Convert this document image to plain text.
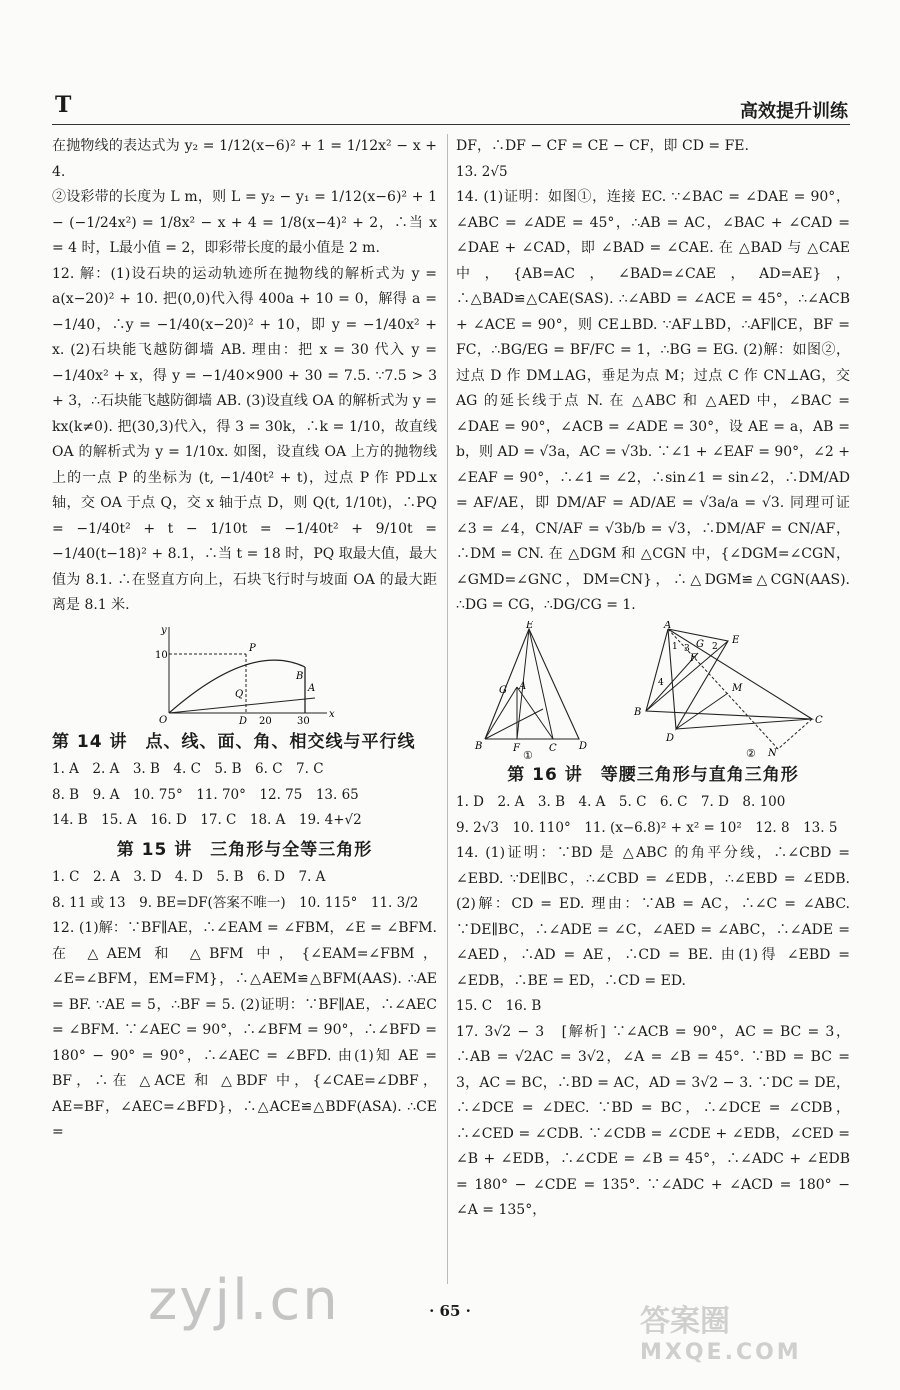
T	高效提升训练

在抛物线的表达式为 y₂ = 1/12(x−6)² + 1 = 1/12x² − x + 4.

②设彩带的长度为 L m，则 L = y₂ − y₁ = 1/12(x−6)² + 1 − (−1/24x²) = 1/8x² − x + 4 = 1/8(x−4)² + 2，∴当 x = 4 时，L最小值 = 2，即彩带长度的最小值是 2 m.

12. 解：(1)设石块的运动轨迹所在抛物线的解析式为 y = a(x−20)² + 10. 把(0,0)代入得 400a + 10 = 0，解得 a = −1/40，∴y = −1/40(x−20)² + 10，即 y = −1/40x² + x. (2)石块能飞越防御墙 AB. 理由：把 x = 30 代入 y = −1/40x² + x，得 y = −1/40×900 + 30 = 7.5. ∵7.5 > 3 + 3，∴石块能飞越防御墙 AB. (3)设直线 OA 的解析式为 y = kx(k≠0). 把(30,3)代入，得 3 = 30k，∴k = 1/10，故直线 OA 的解析式为 y = 1/10x. 如图，设直线 OA 上方的抛物线上的一点 P 的坐标为 (t, −1/40t² + t)，过点 P 作 PD⊥x 轴，交 OA 于点 Q，交 x 轴于点 D，则 Q(t, 1/10t)，∴PQ = −1/40t² + t − 1/10t = −1/40t² + 9/10t = −1/40(t−18)² + 8.1，∴当 t = 18 时，PQ 取最大值，最大值为 8.1. ∴在竖直方向上，石块飞行时与坡面 OA 的最大距离是 8.1 米.

y
x
O
P
Q
B
A
D
10
20	30
第 14 讲　点、线、面、角、相交线与平行线

1. A　2. A　3. B　4. C　5. B　6. C　7. C

8. B　9. A　10. 75°　11. 70°　12. 75　13. 65

14. B　15. A　16. D　17. C　18. A　19. 4+√2

第 15 讲　三角形与全等三角形

1. C　2. A　3. D　4. D　5. B　6. D　7. A

8. 11 或 13　9. BE=DF(答案不唯一)　10. 115°　11. 3/2

12. (1)解：∵BF∥AE，∴∠EAM = ∠FBM，∠E = ∠BFM. 在 △AEM 和 △BFM 中，{∠EAM=∠FBM，∠E=∠BFM，EM=FM}，∴△AEM≌△BFM(AAS). ∴AE = BF. ∵AE = 5，∴BF = 5. (2)证明：∵BF∥AE，∴∠AEC = ∠BFM. ∵∠AEC = 90°，∴∠BFM = 90°，∴∠BFD = 180° − 90° = 90°，∴∠AEC = ∠BFD. 由(1)知 AE = BF，∴在 △ACE 和 △BDF 中，{∠CAE=∠DBF，AE=BF，∠AEC=∠BFD}，∴△ACE≌△BDF(ASA). ∴CE =

DF，∴DF − CF = CE − CF，即 CD = FE.

13. 2√5

14. (1)证明：如图①，连接 EC. ∵∠BAC = ∠DAE = 90°，∠ABC = ∠ADE = 45°，∴AB = AC，∠BAC + ∠CAD = ∠DAE + ∠CAD，即 ∠BAD = ∠CAE. 在 △BAD 与 △CAE 中，{AB=AC，∠BAD=∠CAE，AD=AE}，∴△BAD≌△CAE(SAS). ∴∠ABD = ∠ACE = 45°，∴∠ACB + ∠ACE = 90°，则 CE⊥BD. ∵AF⊥BD，∴AF∥CE，BF = FC，∴BG/EG = BF/FC = 1，∴BG = EG. (2)解：如图②，过点 D 作 DM⊥AG，垂足为点 M；过点 C 作 CN⊥AG，交 AG 的延长线于点 N. 在 △ABC 和 △AED 中，∠BAC = ∠DAE = 90°，∠ACB = ∠ADE = 30°，设 AE = a，AB = b，则 AD = √3a，AC = √3b. ∵∠1 + ∠EAF = 90°，∠2 + ∠EAF = 90°，∴∠1 = ∠2，∴sin∠1 = sin∠2，∴DM/AD = AF/AE，即 DM/AF = AD/AE = √3a/a = √3. 同理可证 ∠3 = ∠4，CN/AF = √3b/b = √3，∴DM/AF = CN/AF，∴DM = CN. 在 △DGM 和 △CGN 中，{∠DGM=∠CGN，∠GMD=∠GNC，DM=CN}，∴△DGM≌△CGN(AAS). ∴DG = CG，∴DG/CG = 1.

E
G A
B	F	C D
①
A
E
1	2
3
4
F
G
M
B
D
C
N
②
第 16 讲　等腰三角形与直角三角形

1. D　2. A　3. B　4. A　5. C　6. C　7. D　8. 100

9. 2√3　10. 110°　11. (x−6.8)² + x² = 10²　12. 8　13. 5

14. (1)证明：∵BD 是 △ABC 的角平分线，∴∠CBD = ∠EBD. ∵DE∥BC，∴∠CBD = ∠EDB，∴∠EBD = ∠EDB. (2)解：CD = ED. 理由：∵AB = AC，∴∠C = ∠ABC. ∵DE∥BC，∴∠ADE = ∠C，∠AED = ∠ABC，∴∠ADE = ∠AED，∴AD = AE，∴CD = BE. 由(1)得 ∠EBD = ∠EDB，∴BE = ED，∴CD = ED.

15. C　16. B

17. 3√2 − 3　[解析] ∵∠ACB = 90°，AC = BC = 3，∴AB = √2AC = 3√2，∠A = ∠B = 45°. ∵BD = BC = 3，AC = BC，∴BD = AC，AD = 3√2 − 3. ∵DC = DE，∴∠DCE = ∠DEC. ∵BD = BC，∴∠DCE = ∠CDB，∴∠CED = ∠CDB. ∵∠CDB = ∠CDE + ∠EDB，∠CED = ∠B + ∠EDB，∴∠CDE = ∠B = 45°，∴∠ADC + ∠EDB = 180° − ∠CDE = 135°. ∵∠ADC + ∠ACD = 180° − ∠A = 135°，

· 65 ·
zyjl.cn	答案圈
MXQE.COM
